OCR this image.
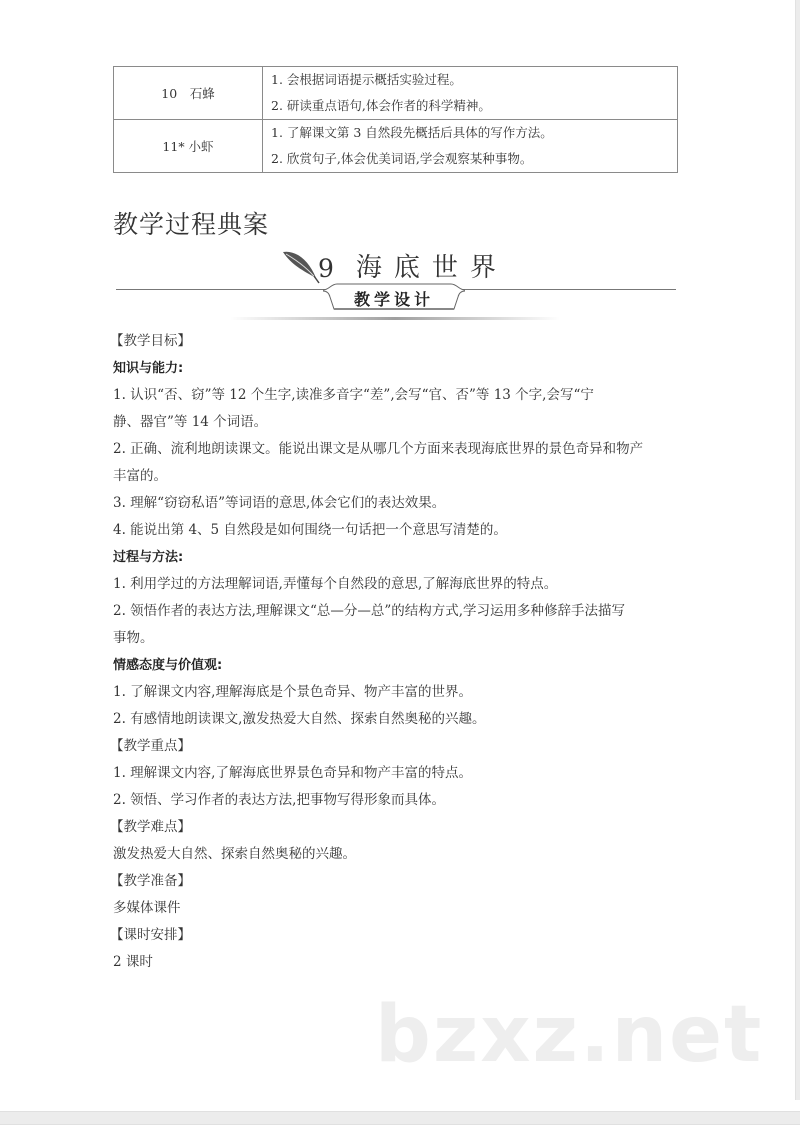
10　石蜂	1. 会根据词语提示概括实验过程。
2. 研读重点语句,体会作者的科学精神。

11* 小虾	1. 了解课文第 3 自然段先概括后具体的写作方法。
2. 欣赏句子,体会优美词语,学会观察某种事物。
教学过程典案
9 海底世界
教学设计
【教学目标】
知识与能力:
1. 认识“否、窃”等 12 个生字,读准多音字“差”,会写“官、否”等 13 个字,会写“宁
静、器官”等 14 个词语。
2. 正确、流利地朗读课文。能说出课文是从哪几个方面来表现海底世界的景色奇异和物产
丰富的。
3. 理解“窃窃私语”等词语的意思,体会它们的表达效果。
4. 能说出第 4、5 自然段是如何围绕一句话把一个意思写清楚的。
过程与方法:
1. 利用学过的方法理解词语,弄懂每个自然段的意思,了解海底世界的特点。
2. 领悟作者的表达方法,理解课文“总—分—总”的结构方式,学习运用多种修辞手法描写
事物。
情感态度与价值观:
1. 了解课文内容,理解海底是个景色奇异、物产丰富的世界。
2. 有感情地朗读课文,激发热爱大自然、探索自然奥秘的兴趣。
【教学重点】
1. 理解课文内容,了解海底世界景色奇异和物产丰富的特点。
2. 领悟、学习作者的表达方法,把事物写得形象而具体。
【教学难点】
激发热爱大自然、探索自然奥秘的兴趣。
【教学准备】
多媒体课件
【课时安排】
2 课时
bzxz.net
